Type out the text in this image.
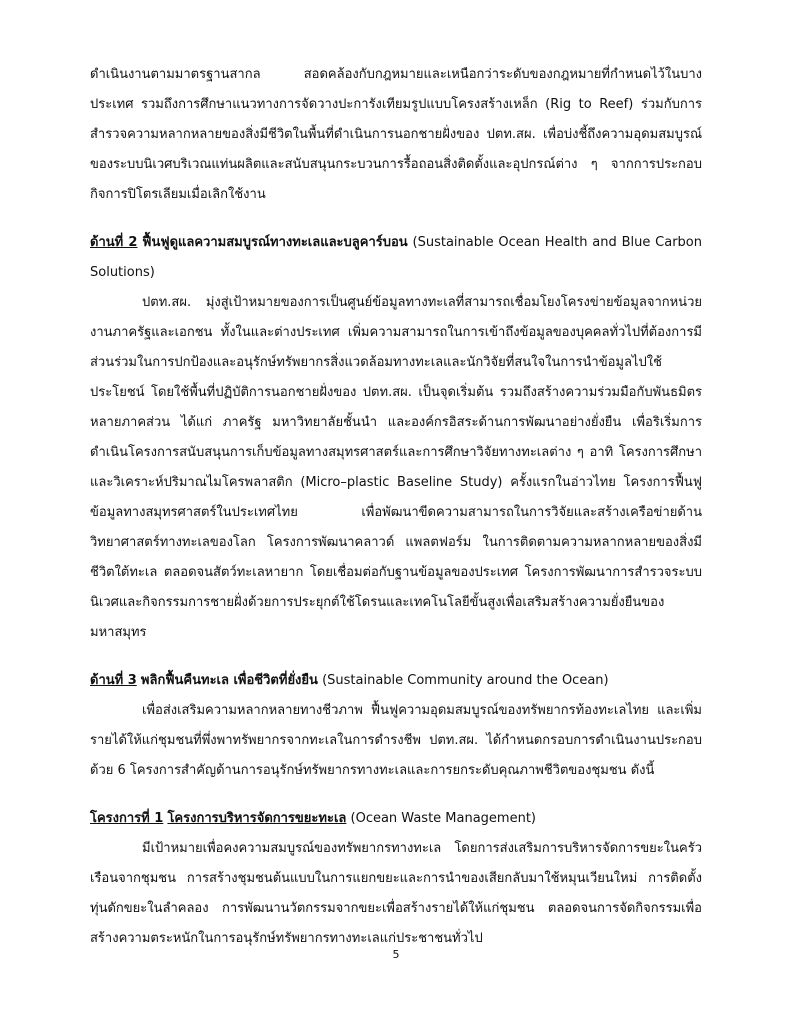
ดำเนินงานตามมาตรฐานสากล สอดคล้องกับกฎหมายและเหนือกว่าระดับของกฎหมายที่กำหนดไว้ในบางประเทศ รวมถึงการศึกษาแนวทางการจัดวางปะการังเทียมรูปแบบโครงสร้างเหล็ก (Rig to Reef) ร่วมกับการสำรวจความหลากหลายของสิ่งมีชีวิตในพื้นที่ดำเนินการนอกชายฝั่งของ ปตท.สผ. เพื่อบ่งชี้ถึงความอุดมสมบูรณ์ของระบบนิเวศบริเวณแท่นผลิตและสนับสนุนกระบวนการรื้อถอนสิ่งติดตั้งและอุปกรณ์ต่าง ๆ จากการประกอบกิจการปิโตรเลียมเมื่อเลิกใช้งาน

ด้านที่ 2 ฟื้นฟูดูแลความสมบูรณ์ทางทะเลและบลูคาร์บอน (Sustainable Ocean Health and Blue Carbon Solutions)

ปตท.สผ. มุ่งสู่เป้าหมายของการเป็นศูนย์ข้อมูลทางทะเลที่สามารถเชื่อมโยงโครงข่ายข้อมูลจากหน่วยงานภาครัฐและเอกชน ทั้งในและต่างประเทศ เพิ่มความสามารถในการเข้าถึงข้อมูลของบุคคลทั่วไปที่ต้องการมีส่วนร่วมในการปกป้องและอนุรักษ์ทรัพยากรสิ่งแวดล้อมทางทะเลและนักวิจัยที่สนใจในการนำข้อมูลไปใช้ประโยชน์ โดยใช้พื้นที่ปฏิบัติการนอกชายฝั่งของ ปตท.สผ. เป็นจุดเริ่มต้น รวมถึงสร้างความร่วมมือกับพันธมิตรหลายภาคส่วน ได้แก่ ภาครัฐ มหาวิทยาลัยชั้นนำ และองค์กรอิสระด้านการพัฒนาอย่างยั่งยืน เพื่อริเริ่มการดำเนินโครงการสนับสนุนการเก็บข้อมูลทางสมุทรศาสตร์และการศึกษาวิจัยทางทะเลต่าง ๆ อาทิ โครงการศึกษาและวิเคราะห์ปริมาณไมโครพลาสติก (Micro–plastic Baseline Study) ครั้งแรกในอ่าวไทย โครงการฟื้นฟูข้อมูลทางสมุทรศาสตร์ในประเทศไทย เพื่อพัฒนาขีดความสามารถในการวิจัยและสร้างเครือข่ายด้านวิทยาศาสตร์ทางทะเลของโลก โครงการพัฒนาคลาวด์ แพลตฟอร์ม ในการติดตามความหลากหลายของสิ่งมีชีวิตใต้ทะเล ตลอดจนสัตว์ทะเลหายาก โดยเชื่อมต่อกับฐานข้อมูลของประเทศ โครงการพัฒนาการสำรวจระบบนิเวศและกิจกรรมการชายฝั่งด้วยการประยุกต์ใช้โดรนและเทคโนโลยีขั้นสูงเพื่อเสริมสร้างความยั่งยืนของมหาสมุทร

ด้านที่ 3 พลิกฟื้นคืนทะเล เพื่อชีวิตที่ยั่งยืน (Sustainable Community around the Ocean)

เพื่อส่งเสริมความหลากหลายทางชีวภาพ ฟื้นฟูความอุดมสมบูรณ์ของทรัพยากรท้องทะเลไทย และเพิ่มรายได้ให้แก่ชุมชนที่พึ่งพาทรัพยากรจากทะเลในการดำรงชีพ ปตท.สผ. ได้กำหนดกรอบการดำเนินงานประกอบด้วย 6 โครงการสำคัญด้านการอนุรักษ์ทรัพยากรทางทะเลและการยกระดับคุณภาพชีวิตของชุมชน ดังนี้

โครงการที่ 1 โครงการบริหารจัดการขยะทะเล (Ocean Waste Management)

มีเป้าหมายเพื่อคงความสมบูรณ์ของทรัพยากรทางทะเล โดยการส่งเสริมการบริหารจัดการขยะในครัวเรือนจากชุมชน การสร้างชุมชนต้นแบบในการแยกขยะและการนำของเสียกลับมาใช้หมุนเวียนใหม่ การติดตั้งทุ่นดักขยะในลำคลอง การพัฒนานวัตกรรมจากขยะเพื่อสร้างรายได้ให้แก่ชุมชน ตลอดจนการจัดกิจกรรมเพื่อสร้างความตระหนักในการอนุรักษ์ทรัพยากรทางทะเลแก่ประชาชนทั่วไป

5
